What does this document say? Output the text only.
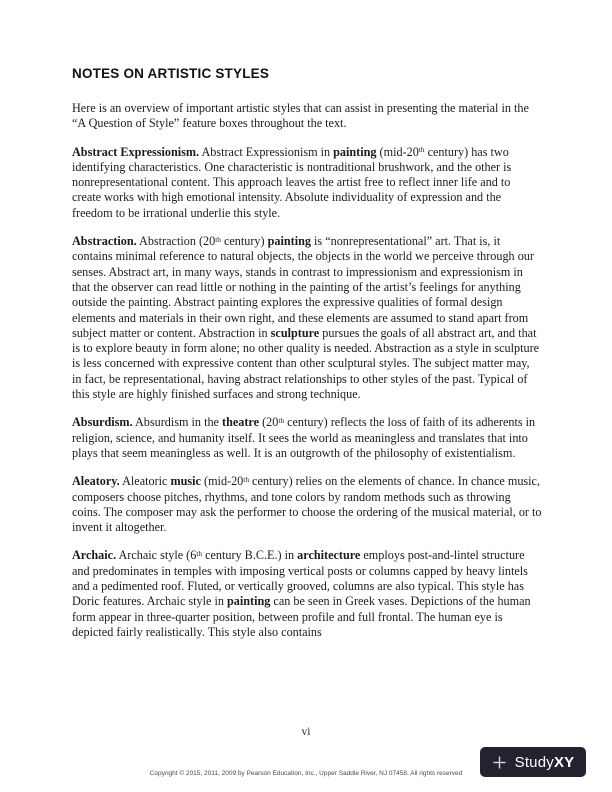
NOTES ON ARTISTIC STYLES

Here is an overview of important artistic styles that can assist in presenting the material in the “A Question of Style” feature boxes throughout the text.

Abstract Expressionism. Abstract Expressionism in painting (mid-20th century) has two identifying characteristics. One characteristic is nontraditional brushwork, and the other is nonrepresentational content. This approach leaves the artist free to reflect inner life and to create works with high emotional intensity. Absolute individuality of expression and the freedom to be irrational underlie this style.

Abstraction. Abstraction (20th century) painting is “nonrepresentational” art. That is, it contains minimal reference to natural objects, the objects in the world we perceive through our senses. Abstract art, in many ways, stands in contrast to impressionism and expressionism in that the observer can read little or nothing in the painting of the artist’s feelings for anything outside the painting. Abstract painting explores the expressive qualities of formal design elements and materials in their own right, and these elements are assumed to stand apart from subject matter or content. Abstraction in sculpture pursues the goals of all abstract art, and that is to explore beauty in form alone; no other quality is needed. Abstraction as a style in sculpture is less concerned with expressive content than other sculptural styles. The subject matter may, in fact, be representational, having abstract relationships to other styles of the past. Typical of this style are highly finished surfaces and strong technique.

Absurdism. Absurdism in the theatre (20th century) reflects the loss of faith of its adherents in religion, science, and humanity itself. It sees the world as meaningless and translates that into plays that seem meaningless as well. It is an outgrowth of the philosophy of existentialism.

Aleatory. Aleatoric music (mid-20th century) relies on the elements of chance. In chance music, composers choose pitches, rhythms, and tone colors by random methods such as throwing coins. The composer may ask the performer to choose the ordering of the musical material, or to invent it altogether.

Archaic. Archaic style (6th century B.C.E.) in architecture employs post-and-lintel structure and predominates in temples with imposing vertical posts or columns capped by heavy lintels and a pedimented roof. Fluted, or vertically grooved, columns are also typical. This style has Doric features. Archaic style in painting can be seen in Greek vases. Depictions of the human form appear in three-quarter position, between profile and full frontal. The human eye is depicted fairly realistically. This style also contains

vi
Copyright © 2015, 2011, 2009 by Pearson Education, Inc., Upper Saddle River, NJ 07458. All rights reserved
StudyXY
